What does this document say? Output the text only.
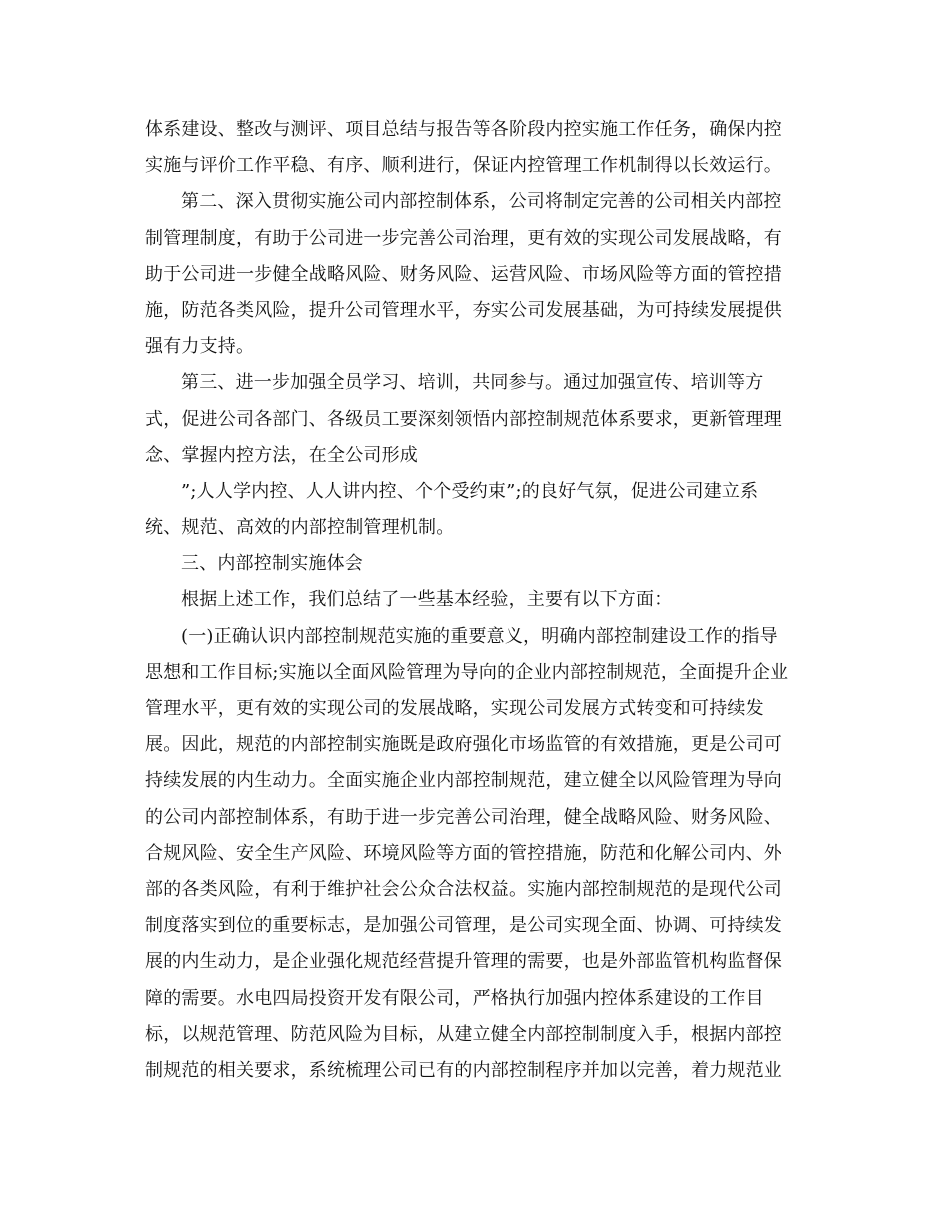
体系建设、整改与测评、项目总结与报告等各阶段内控实施工作任务，确保内控
实施与评价工作平稳、有序、顺利进行，保证内控管理工作机制得以长效运行。
第二、深入贯彻实施公司内部控制体系，公司将制定完善的公司相关内部控
制管理制度，有助于公司进一步完善公司治理，更有效的实现公司发展战略，有
助于公司进一步健全战略风险、财务风险、运营风险、市场风险等方面的管控措
施，防范各类风险，提升公司管理水平，夯实公司发展基础，为可持续发展提供
强有力支持。
第三、进一步加强全员学习、培训，共同参与。通过加强宣传、培训等方
式，促进公司各部门、各级员工要深刻领悟内部控制规范体系要求，更新管理理
念、掌握内控方法，在全公司形成
”;人人学内控、人人讲内控、个个受约束”;的良好气氛，促进公司建立系
统、规范、高效的内部控制管理机制。
三、内部控制实施体会
根据上述工作，我们总结了一些基本经验，主要有以下方面：
(一)正确认识内部控制规范实施的重要意义，明确内部控制建设工作的指导
思想和工作目标;实施以全面风险管理为导向的企业内部控制规范，全面提升企业
管理水平，更有效的实现公司的发展战略，实现公司发展方式转变和可持续发
展。因此，规范的内部控制实施既是政府强化市场监管的有效措施，更是公司可
持续发展的内生动力。全面实施企业内部控制规范，建立健全以风险管理为导向
的公司内部控制体系，有助于进一步完善公司治理，健全战略风险、财务风险、
合规风险、安全生产风险、环境风险等方面的管控措施，防范和化解公司内、外
部的各类风险，有利于维护社会公众合法权益。实施内部控制规范的是现代公司
制度落实到位的重要标志，是加强公司管理，是公司实现全面、协调、可持续发
展的内生动力，是企业强化规范经营提升管理的需要，也是外部监管机构监督保
障的需要。水电四局投资开发有限公司，严格执行加强内控体系建设的工作目
标，以规范管理、防范风险为目标，从建立健全内部控制制度入手，根据内部控
制规范的相关要求，系统梳理公司已有的内部控制程序并加以完善，着力规范业
